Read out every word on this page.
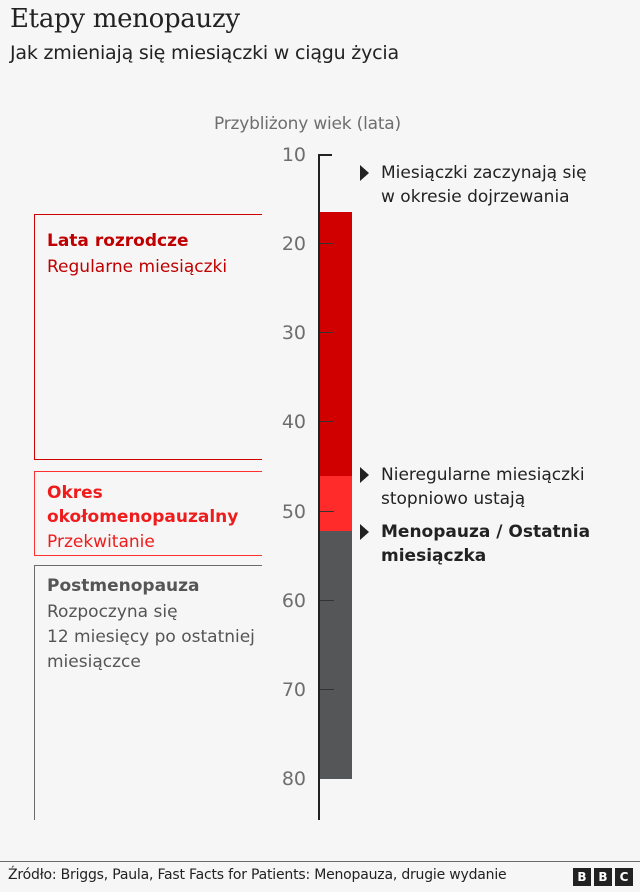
Etapy menopauzy
Jak zmieniają się miesiączki w ciągu życia
Przybliżony wiek (lata)
Lata rozrodcze
Regularne miesiączki
Okres
okołomenopauzalny
Przekwitanie
Postmenopauza
Rozpoczyna się
12 miesięcy po ostatniej
miesiączce
10
20
30
40
50
60
70
80
Miesiączki zaczynają się
w okresie dojrzewania
Nieregularne miesiączki
stopniowo ustają
Menopauza / Ostatnia
miesiączka
Źródło: Briggs, Paula, Fast Facts for Patients: Menopauza, drugie wydanie	B B	C
